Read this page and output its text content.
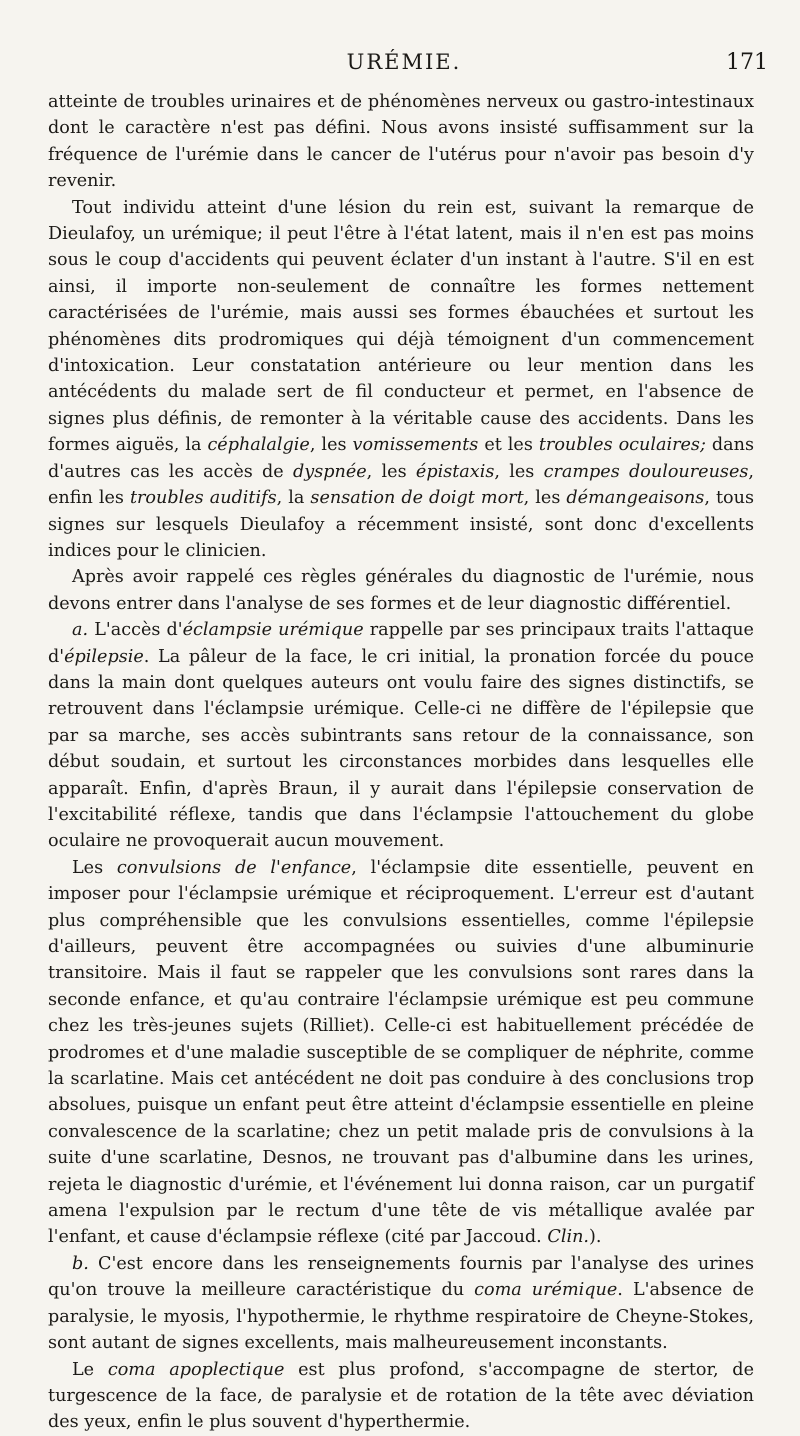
URÉMIE.	171

atteinte de troubles urinaires et de phénomènes nerveux ou gastro-intestinaux dont le caractère n'est pas défini. Nous avons insisté suffisamment sur la fréquence de l'urémie dans le cancer de l'utérus pour n'avoir pas besoin d'y revenir.

Tout individu atteint d'une lésion du rein est, suivant la remarque de Dieulafoy, un urémique; il peut l'être à l'état latent, mais il n'en est pas moins sous le coup d'accidents qui peuvent éclater d'un instant à l'autre. S'il en est ainsi, il importe non-seulement de connaître les formes nettement caractérisées de l'urémie, mais aussi ses formes ébauchées et surtout les phénomènes dits prodromiques qui déjà témoignent d'un commencement d'intoxication. Leur constatation antérieure ou leur mention dans les antécédents du malade sert de fil conducteur et permet, en l'absence de signes plus définis, de remonter à la véritable cause des accidents. Dans les formes aiguës, la céphalalgie, les vomissements et les troubles oculaires; dans d'autres cas les accès de dyspnée, les épistaxis, les crampes douloureuses, enfin les troubles auditifs, la sensation de doigt mort, les démangeaisons, tous signes sur lesquels Dieulafoy a récemment insisté, sont donc d'excellents indices pour le clinicien.

Après avoir rappelé ces règles générales du diagnostic de l'urémie, nous devons entrer dans l'analyse de ses formes et de leur diagnostic différentiel.

a. L'accès d'éclampsie urémique rappelle par ses principaux traits l'attaque d'épilepsie. La pâleur de la face, le cri initial, la pronation forcée du pouce dans la main dont quelques auteurs ont voulu faire des signes distinctifs, se retrouvent dans l'éclampsie urémique. Celle-ci ne diffère de l'épilepsie que par sa marche, ses accès subintrants sans retour de la connaissance, son début soudain, et surtout les circonstances morbides dans lesquelles elle apparaît. Enfin, d'après Braun, il y aurait dans l'épilepsie conservation de l'excitabilité réflexe, tandis que dans l'éclampsie l'attouchement du globe oculaire ne provoquerait aucun mouvement.

Les convulsions de l'enfance, l'éclampsie dite essentielle, peuvent en imposer pour l'éclampsie urémique et réciproquement. L'erreur est d'autant plus compréhensible que les convulsions essentielles, comme l'épilepsie d'ailleurs, peuvent être accompagnées ou suivies d'une albuminurie transitoire. Mais il faut se rappeler que les convulsions sont rares dans la seconde enfance, et qu'au contraire l'éclampsie urémique est peu commune chez les très-jeunes sujets (Rilliet). Celle-ci est habituellement précédée de prodromes et d'une maladie susceptible de se compliquer de néphrite, comme la scarlatine. Mais cet antécédent ne doit pas conduire à des conclusions trop absolues, puisque un enfant peut être atteint d'éclampsie essentielle en pleine convalescence de la scarlatine; chez un petit malade pris de convulsions à la suite d'une scarlatine, Desnos, ne trouvant pas d'albumine dans les urines, rejeta le diagnostic d'urémie, et l'événement lui donna raison, car un purgatif amena l'expulsion par le rectum d'une tête de vis métallique avalée par l'enfant, et cause d'éclampsie réflexe (cité par Jaccoud. Clin.).

b. C'est encore dans les renseignements fournis par l'analyse des urines qu'on trouve la meilleure caractéristique du coma urémique. L'absence de paralysie, le myosis, l'hypothermie, le rhythme respiratoire de Cheyne-Stokes, sont autant de signes excellents, mais malheureusement inconstants.

Le coma apoplectique est plus profond, s'accompagne de stertor, de turgescence de la face, de paralysie et de rotation de la tête avec déviation des yeux, enfin le plus souvent d'hyperthermie.
